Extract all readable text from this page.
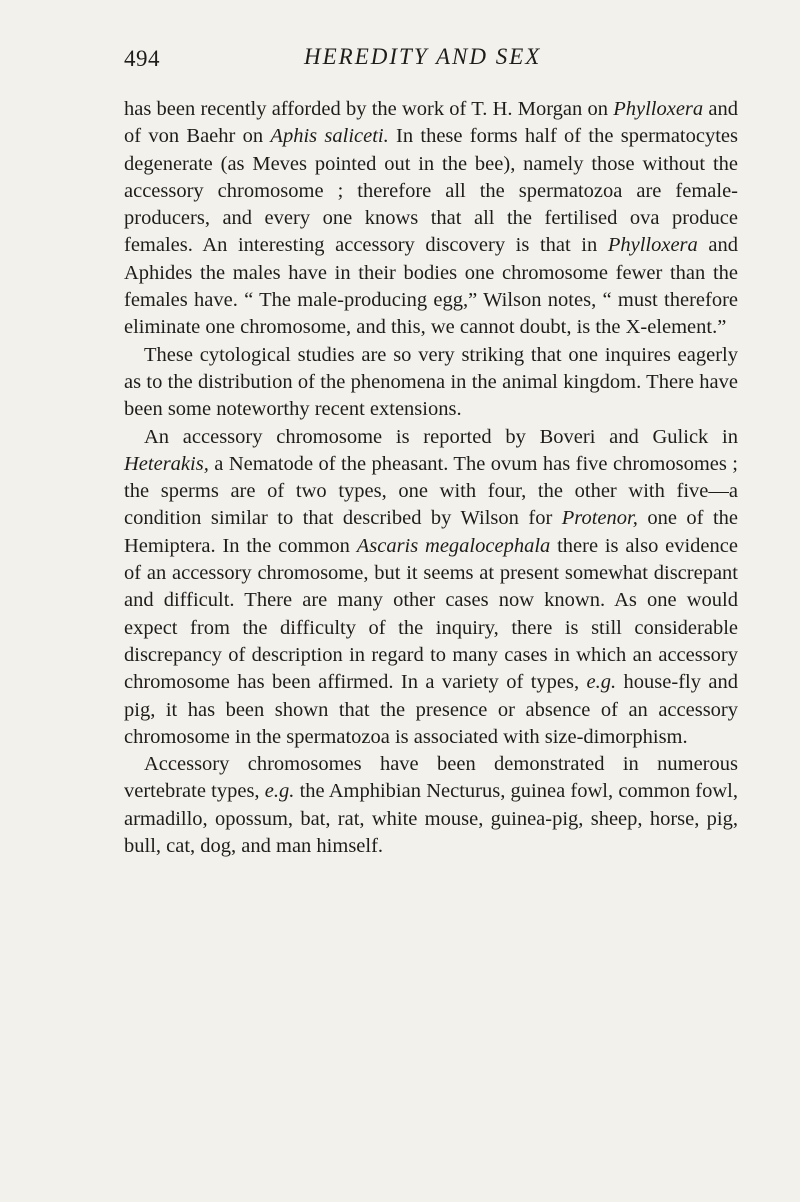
494	HEREDITY AND SEX

has been recently afforded by the work of T. H. Morgan on Phylloxera and of von Baehr on Aphis saliceti. In these forms half of the spermatocytes degenerate (as Meves pointed out in the bee), namely those without the accessory chromosome ; therefore all the spermatozoa are female-producers, and every one knows that all the fertilised ova produce females. An interesting accessory discovery is that in Phylloxera and Aphides the males have in their bodies one chromosome fewer than the females have. “ The male-producing egg,” Wilson notes, “ must therefore eliminate one chromosome, and this, we cannot doubt, is the X-element.”

These cytological studies are so very striking that one inquires eagerly as to the distribution of the phenomena in the animal kingdom. There have been some noteworthy recent extensions.

An accessory chromosome is reported by Boveri and Gulick in Heterakis, a Nematode of the pheasant. The ovum has five chromosomes ; the sperms are of two types, one with four, the other with five—a condition similar to that described by Wilson for Protenor, one of the Hemiptera. In the common Ascaris megalocephala there is also evidence of an accessory chromosome, but it seems at present somewhat discrepant and difficult. There are many other cases now known. As one would expect from the difficulty of the inquiry, there is still considerable discrepancy of description in regard to many cases in which an accessory chromosome has been affirmed. In a variety of types, e.g. house-fly and pig, it has been shown that the presence or absence of an accessory chromosome in the spermatozoa is associated with size-dimorphism.

Accessory chromosomes have been demonstrated in numerous vertebrate types, e.g. the Amphibian Necturus, guinea fowl, common fowl, armadillo, opossum, bat, rat, white mouse, guinea-pig, sheep, horse, pig, bull, cat, dog, and man himself.
